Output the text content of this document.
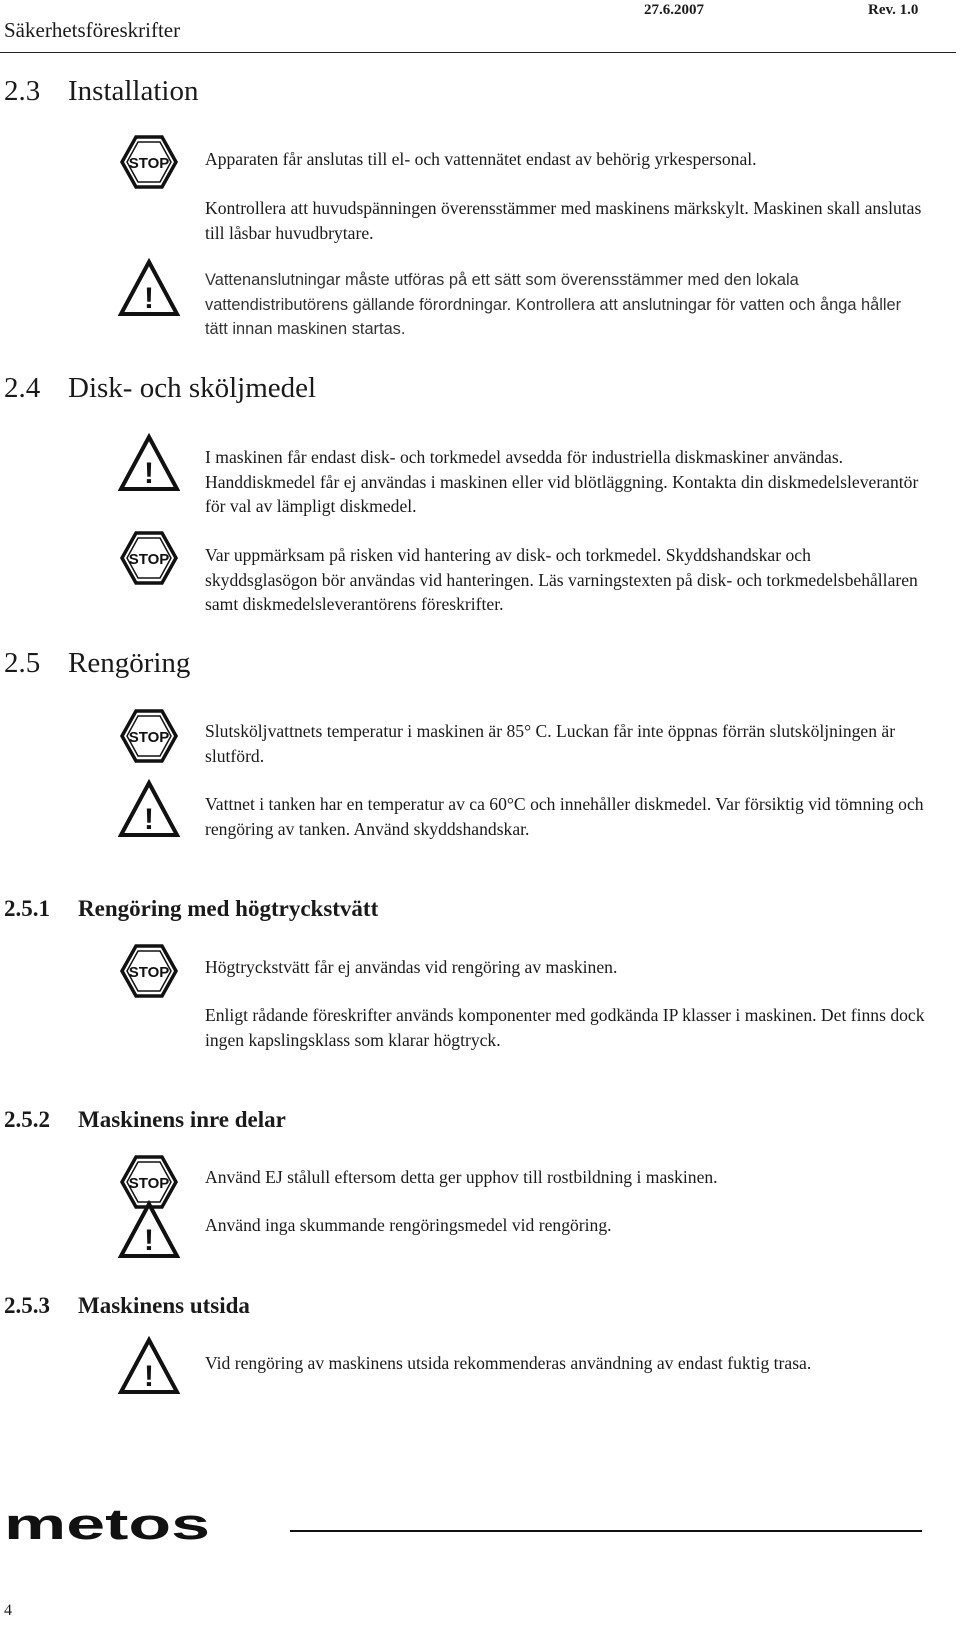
Säkerhetsföreskrifter
27.6.2007	Rev. 1.0
2.3 Installation
STOP Apparaten får anslutas till el- och vattennätet endast av behörig yrkespersonal.
Kontrollera att huvudspänningen överensstämmer med maskinens märkskylt. Maskinen skall anslutas till låsbar huvudbrytare.
!
Vattenanslutningar måste utföras på ett sätt som överensstämmer med den lokala vattendistributörens gällande förordningar. Kontrollera att anslutningar för vatten och ånga håller tätt innan maskinen startas.
2.4 Disk- och sköljmedel
!	I maskinen får endast disk- och torkmedel avsedda för industriella diskmaskiner användas. Handdiskmedel får ej användas i maskinen eller vid blötläggning. Kontakta din diskmedelsleverantör för val av lämpligt diskmedel.
STOP Var uppmärksam på risken vid hantering av disk- och torkmedel. Skyddshandskar och skyddsglasögon bör användas vid hanteringen. Läs varningstexten på disk- och torkmedelsbehållaren samt diskmedelsleverantörens föreskrifter.
2.5 Rengöring
STOP Slutsköljvattnets temperatur i maskinen är 85° C. Luckan får inte öppnas förrän slutsköljningen är slutförd.
!	Vattnet i tanken har en temperatur av ca 60°C och innehåller diskmedel. Var försiktig vid tömning och rengöring av tanken. Använd skyddshandskar.
2.5.1 Rengöring med högtryckstvätt
STOP Högtryckstvätt får ej användas vid rengöring av maskinen.
Enligt rådande föreskrifter används komponenter med godkända IP klasser i maskinen. Det finns dock ingen kapslingsklass som klarar högtryck.
2.5.2 Maskinens inre delar
STOP Använd EJ stålull eftersom detta ger upphov till rostbildning i maskinen.
!	Använd inga skummande rengöringsmedel vid rengöring.
2.5.3 Maskinens utsida
!	Vid rengöring av maskinens utsida rekommenderas användning av endast fuktig trasa.
metos
4
